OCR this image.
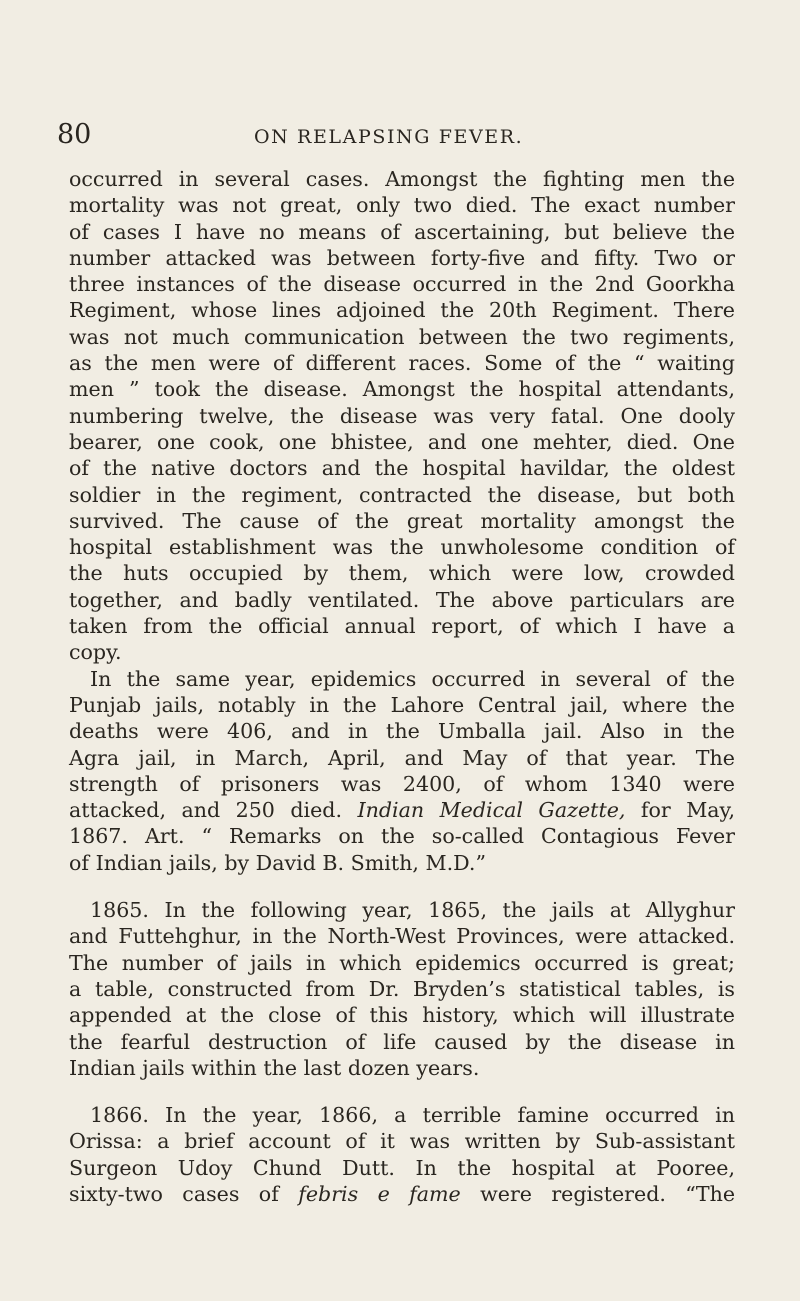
80	ON RELAPSING FEVER.
occurred in several cases. Amongst the fighting men the
mortality was not great, only two died. The exact number
of cases I have no means of ascertaining, but believe the
number attacked was between forty-five and fifty. Two or
three instances of the disease occurred in the 2nd Goorkha
Regiment, whose lines adjoined the 20th Regiment. There
was not much communication between the two regiments,
as the men were of different races. Some of the “ waiting
men ” took the disease. Amongst the hospital attendants,
numbering twelve, the disease was very fatal. One dooly
bearer, one cook, one bhistee, and one mehter, died. One
of the native doctors and the hospital havildar, the oldest
soldier in the regiment, contracted the disease, but both
survived. The cause of the great mortality amongst the
hospital establishment was the unwholesome condition of
the huts occupied by them, which were low, crowded
together, and badly ventilated. The above particulars are
taken from the official annual report, of which I have a
copy.
In the same year, epidemics occurred in several of the
Punjab jails, notably in the Lahore Central jail, where the
deaths were 406, and in the Umballa jail. Also in the
Agra jail, in March, April, and May of that year. The
strength of prisoners was 2400, of whom 1340 were
attacked, and 250 died. Indian Medical Gazette, for May,
1867. Art. “ Remarks on the so-called Contagious Fever
of Indian jails, by David B. Smith, M.D.”
1865. In the following year, 1865, the jails at Allyghur
and Futtehghur, in the North-West Provinces, were attacked.
The number of jails in which epidemics occurred is great;
a table, constructed from Dr. Bryden’s statistical tables, is
appended at the close of this history, which will illustrate
the fearful destruction of life caused by the disease in
Indian jails within the last dozen years.
1866. In the year, 1866, a terrible famine occurred in
Orissa: a brief account of it was written by Sub-assistant
Surgeon Udoy Chund Dutt. In the hospital at Pooree,
sixty-two cases of febris e fame were registered. “The
